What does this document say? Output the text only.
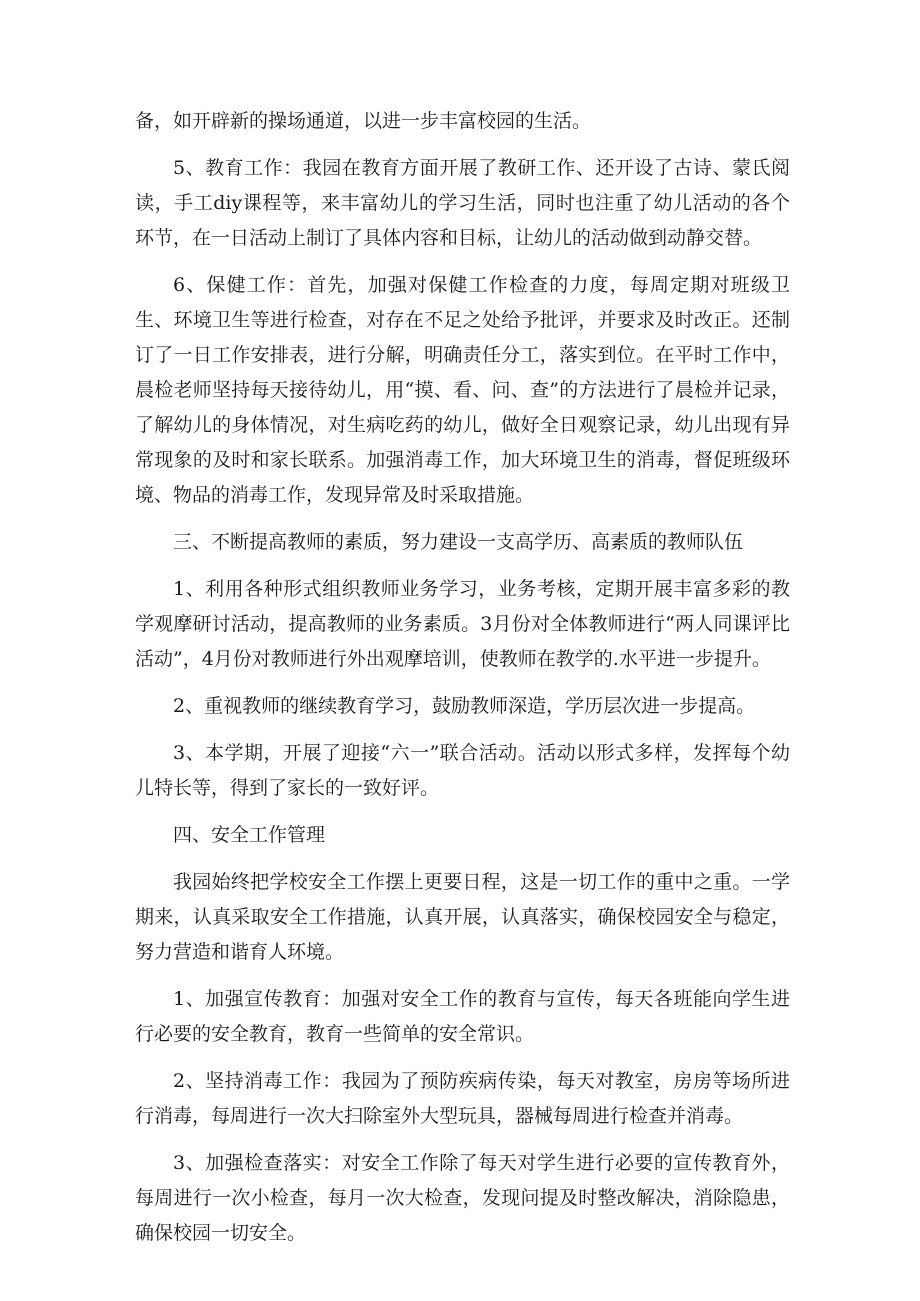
备，如开辟新的操场通道，以进一步丰富校园的生活。

5、教育工作：我园在教育方面开展了教研工作、还开设了古诗、蒙氏阅读，手工diy课程等，来丰富幼儿的学习生活，同时也注重了幼儿活动的各个环节，在一日活动上制订了具体内容和目标，让幼儿的活动做到动静交替。

6、保健工作：首先，加强对保健工作检查的力度，每周定期对班级卫生、环境卫生等进行检查，对存在不足之处给予批评，并要求及时改正。还制订了一日工作安排表，进行分解，明确责任分工，落实到位。在平时工作中，晨检老师坚持每天接待幼儿，用“摸、看、问、查”的方法进行了晨检并记录，了解幼儿的身体情况，对生病吃药的幼儿，做好全日观察记录，幼儿出现有异常现象的及时和家长联系。加强消毒工作，加大环境卫生的消毒，督促班级环境、物品的消毒工作，发现异常及时采取措施。

三、不断提高教师的素质，努力建设一支高学历、高素质的教师队伍

1、利用各种形式组织教师业务学习，业务考核，定期开展丰富多彩的教学观摩研讨活动，提高教师的业务素质。3月份对全体教师进行“两人同课评比活动”，4月份对教师进行外出观摩培训，使教师在教学的.水平进一步提升。

2、重视教师的继续教育学习，鼓励教师深造，学历层次进一步提高。

3、本学期，开展了迎接“六一”联合活动。活动以形式多样，发挥每个幼儿特长等，得到了家长的一致好评。

四、安全工作管理

我园始终把学校安全工作摆上更要日程，这是一切工作的重中之重。一学期来，认真采取安全工作措施，认真开展，认真落实，确保校园安全与稳定，努力营造和谐育人环境。

1、加强宣传教育：加强对安全工作的教育与宣传，每天各班能向学生进行必要的安全教育，教育一些简单的安全常识。

2、坚持消毒工作：我园为了预防疾病传染，每天对教室，房房等场所进行消毒，每周进行一次大扫除室外大型玩具，器械每周进行检查并消毒。

3、加强检查落实：对安全工作除了每天对学生进行必要的宣传教育外，每周进行一次小检查，每月一次大检查，发现问提及时整改解决，消除隐患，确保校园一切安全。
